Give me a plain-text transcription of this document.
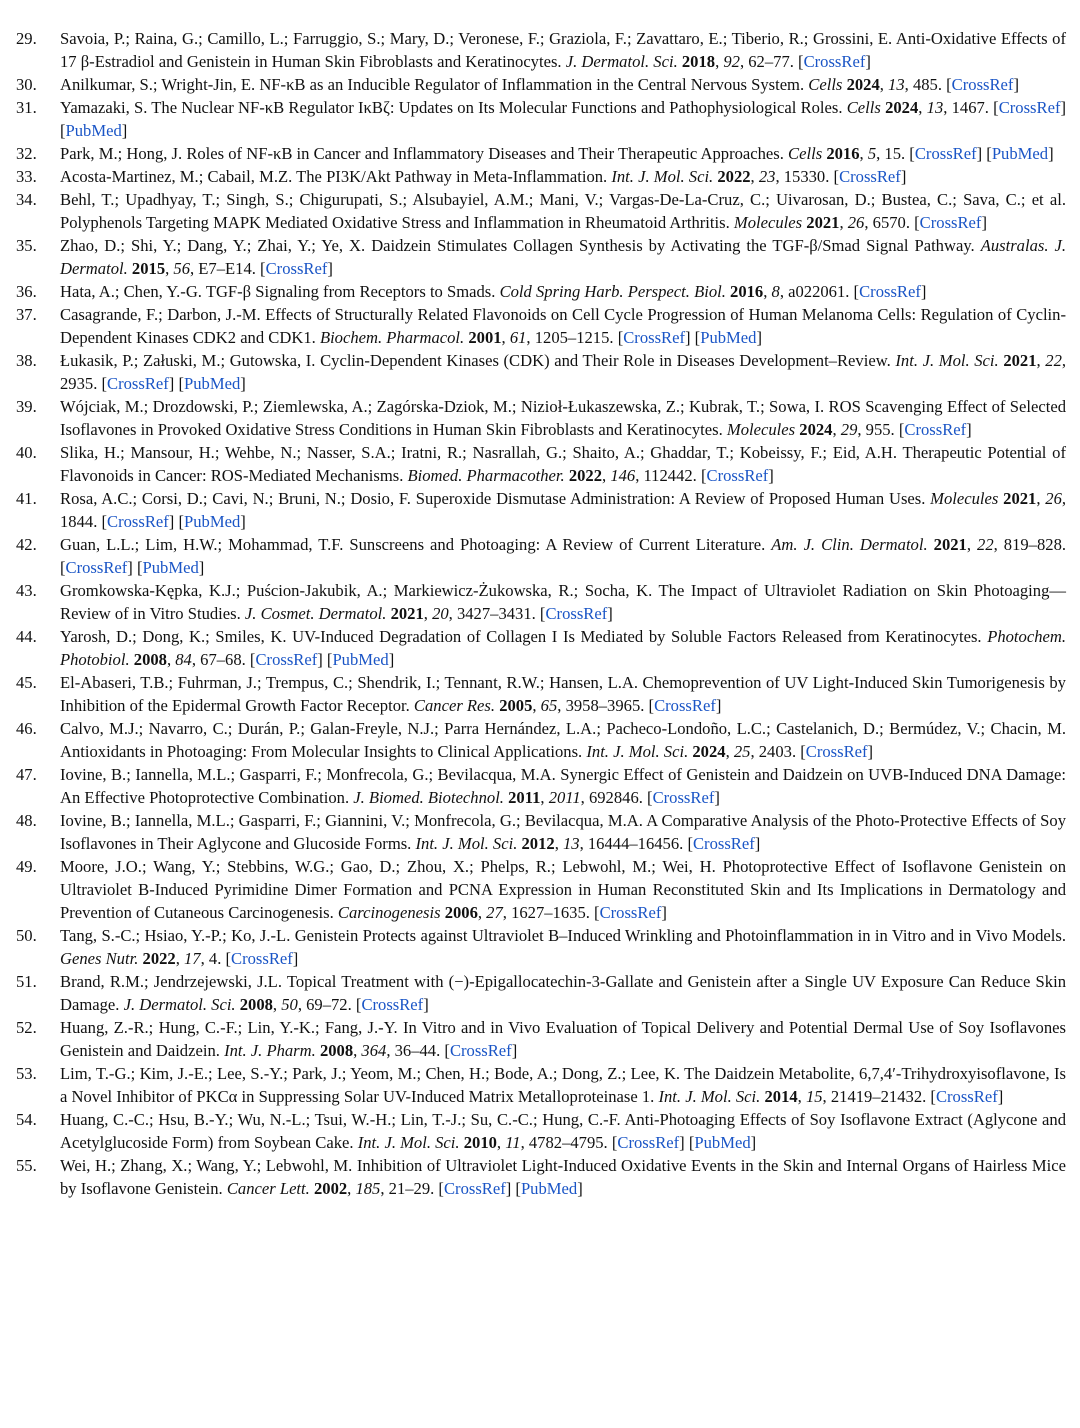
29.	Savoia, P.; Raina, G.; Camillo, L.; Farruggio, S.; Mary, D.; Veronese, F.; Graziola, F.; Zavattaro, E.; Tiberio, R.; Grossini, E. Anti-Oxidative Effects of 17 β-Estradiol and Genistein in Human Skin Fibroblasts and Keratinocytes. J. Dermatol. Sci. 2018, 92, 62–77. [CrossRef]
30.	Anilkumar, S.; Wright-Jin, E. NF-κB as an Inducible Regulator of Inflammation in the Central Nervous System. Cells 2024, 13, 485. [CrossRef]
31.	Yamazaki, S. The Nuclear NF-κB Regulator IκBζ: Updates on Its Molecular Functions and Pathophysiological Roles. Cells 2024, 13, 1467. [CrossRef] [PubMed]
32.	Park, M.; Hong, J. Roles of NF-κB in Cancer and Inflammatory Diseases and Their Therapeutic Approaches. Cells 2016, 5, 15. [CrossRef] [PubMed]
33.	Acosta-Martinez, M.; Cabail, M.Z. The PI3K/Akt Pathway in Meta-Inflammation. Int. J. Mol. Sci. 2022, 23, 15330. [CrossRef]
34.	Behl, T.; Upadhyay, T.; Singh, S.; Chigurupati, S.; Alsubayiel, A.M.; Mani, V.; Vargas-De-La-Cruz, C.; Uivarosan, D.; Bustea, C.; Sava, C.; et al. Polyphenols Targeting MAPK Mediated Oxidative Stress and Inflammation in Rheumatoid Arthritis. Molecules 2021, 26, 6570. [CrossRef]
35.	Zhao, D.; Shi, Y.; Dang, Y.; Zhai, Y.; Ye, X. Daidzein Stimulates Collagen Synthesis by Activating the TGF-β/Smad Signal Pathway. Australas. J. Dermatol. 2015, 56, E7–E14. [CrossRef]
36.	Hata, A.; Chen, Y.-G. TGF-β Signaling from Receptors to Smads. Cold Spring Harb. Perspect. Biol. 2016, 8, a022061. [CrossRef]
37.	Casagrande, F.; Darbon, J.-M. Effects of Structurally Related Flavonoids on Cell Cycle Progression of Human Melanoma Cells: Regulation of Cyclin-Dependent Kinases CDK2 and CDK1. Biochem. Pharmacol. 2001, 61, 1205–1215. [CrossRef] [PubMed]
38.	Łukasik, P.; Załuski, M.; Gutowska, I. Cyclin-Dependent Kinases (CDK) and Their Role in Diseases Development–Review. Int. J. Mol. Sci. 2021, 22, 2935. [CrossRef] [PubMed]
39.	Wójciak, M.; Drozdowski, P.; Ziemlewska, A.; Zagórska-Dziok, M.; Nizioł-Łukaszewska, Z.; Kubrak, T.; Sowa, I. ROS Scavenging Effect of Selected Isoflavones in Provoked Oxidative Stress Conditions in Human Skin Fibroblasts and Keratinocytes. Molecules 2024, 29, 955. [CrossRef]
40.	Slika, H.; Mansour, H.; Wehbe, N.; Nasser, S.A.; Iratni, R.; Nasrallah, G.; Shaito, A.; Ghaddar, T.; Kobeissy, F.; Eid, A.H. Therapeutic Potential of Flavonoids in Cancer: ROS-Mediated Mechanisms. Biomed. Pharmacother. 2022, 146, 112442. [CrossRef]
41.	Rosa, A.C.; Corsi, D.; Cavi, N.; Bruni, N.; Dosio, F. Superoxide Dismutase Administration: A Review of Proposed Human Uses. Molecules 2021, 26, 1844. [CrossRef] [PubMed]
42.	Guan, L.L.; Lim, H.W.; Mohammad, T.F. Sunscreens and Photoaging: A Review of Current Literature. Am. J. Clin. Dermatol. 2021, 22, 819–828. [CrossRef] [PubMed]
43.	Gromkowska-Kępka, K.J.; Puścion-Jakubik, A.; Markiewicz-Żukowska, R.; Socha, K. The Impact of Ultraviolet Radiation on Skin Photoaging—Review of in Vitro Studies. J. Cosmet. Dermatol. 2021, 20, 3427–3431. [CrossRef]
44.	Yarosh, D.; Dong, K.; Smiles, K. UV-Induced Degradation of Collagen I Is Mediated by Soluble Factors Released from Keratinocytes. Photochem. Photobiol. 2008, 84, 67–68. [CrossRef] [PubMed]
45.	El-Abaseri, T.B.; Fuhrman, J.; Trempus, C.; Shendrik, I.; Tennant, R.W.; Hansen, L.A. Chemoprevention of UV Light-Induced Skin Tumorigenesis by Inhibition of the Epidermal Growth Factor Receptor. Cancer Res. 2005, 65, 3958–3965. [CrossRef]
46.	Calvo, M.J.; Navarro, C.; Durán, P.; Galan-Freyle, N.J.; Parra Hernández, L.A.; Pacheco-Londoño, L.C.; Castelanich, D.; Bermúdez, V.; Chacin, M. Antioxidants in Photoaging: From Molecular Insights to Clinical Applications. Int. J. Mol. Sci. 2024, 25, 2403. [CrossRef]
47.	Iovine, B.; Iannella, M.L.; Gasparri, F.; Monfrecola, G.; Bevilacqua, M.A. Synergic Effect of Genistein and Daidzein on UVB-Induced DNA Damage: An Effective Photoprotective Combination. J. Biomed. Biotechnol. 2011, 2011, 692846. [CrossRef]
48.	Iovine, B.; Iannella, M.L.; Gasparri, F.; Giannini, V.; Monfrecola, G.; Bevilacqua, M.A. A Comparative Analysis of the Photo-Protective Effects of Soy Isoflavones in Their Aglycone and Glucoside Forms. Int. J. Mol. Sci. 2012, 13, 16444–16456. [CrossRef]
49.	Moore, J.O.; Wang, Y.; Stebbins, W.G.; Gao, D.; Zhou, X.; Phelps, R.; Lebwohl, M.; Wei, H. Photoprotective Effect of Isoflavone Genistein on Ultraviolet B-Induced Pyrimidine Dimer Formation and PCNA Expression in Human Reconstituted Skin and Its Implications in Dermatology and Prevention of Cutaneous Carcinogenesis. Carcinogenesis 2006, 27, 1627–1635. [CrossRef]
50.	Tang, S.-C.; Hsiao, Y.-P.; Ko, J.-L. Genistein Protects against Ultraviolet B–Induced Wrinkling and Photoinflammation in in Vitro and in Vivo Models. Genes Nutr. 2022, 17, 4. [CrossRef]
51.	Brand, R.M.; Jendrzejewski, J.L. Topical Treatment with (−)-Epigallocatechin-3-Gallate and Genistein after a Single UV Exposure Can Reduce Skin Damage. J. Dermatol. Sci. 2008, 50, 69–72. [CrossRef]
52.	Huang, Z.-R.; Hung, C.-F.; Lin, Y.-K.; Fang, J.-Y. In Vitro and in Vivo Evaluation of Topical Delivery and Potential Dermal Use of Soy Isoflavones Genistein and Daidzein. Int. J. Pharm. 2008, 364, 36–44. [CrossRef]
53.	Lim, T.-G.; Kim, J.-E.; Lee, S.-Y.; Park, J.; Yeom, M.; Chen, H.; Bode, A.; Dong, Z.; Lee, K. The Daidzein Metabolite, 6,7,4′-Trihydroxyisoflavone, Is a Novel Inhibitor of PKCα in Suppressing Solar UV-Induced Matrix Metalloproteinase 1. Int. J. Mol. Sci. 2014, 15, 21419–21432. [CrossRef]
54.	Huang, C.-C.; Hsu, B.-Y.; Wu, N.-L.; Tsui, W.-H.; Lin, T.-J.; Su, C.-C.; Hung, C.-F. Anti-Photoaging Effects of Soy Isoflavone Extract (Aglycone and Acetylglucoside Form) from Soybean Cake. Int. J. Mol. Sci. 2010, 11, 4782–4795. [CrossRef] [PubMed]
55.	Wei, H.; Zhang, X.; Wang, Y.; Lebwohl, M. Inhibition of Ultraviolet Light-Induced Oxidative Events in the Skin and Internal Organs of Hairless Mice by Isoflavone Genistein. Cancer Lett. 2002, 185, 21–29. [CrossRef] [PubMed]
